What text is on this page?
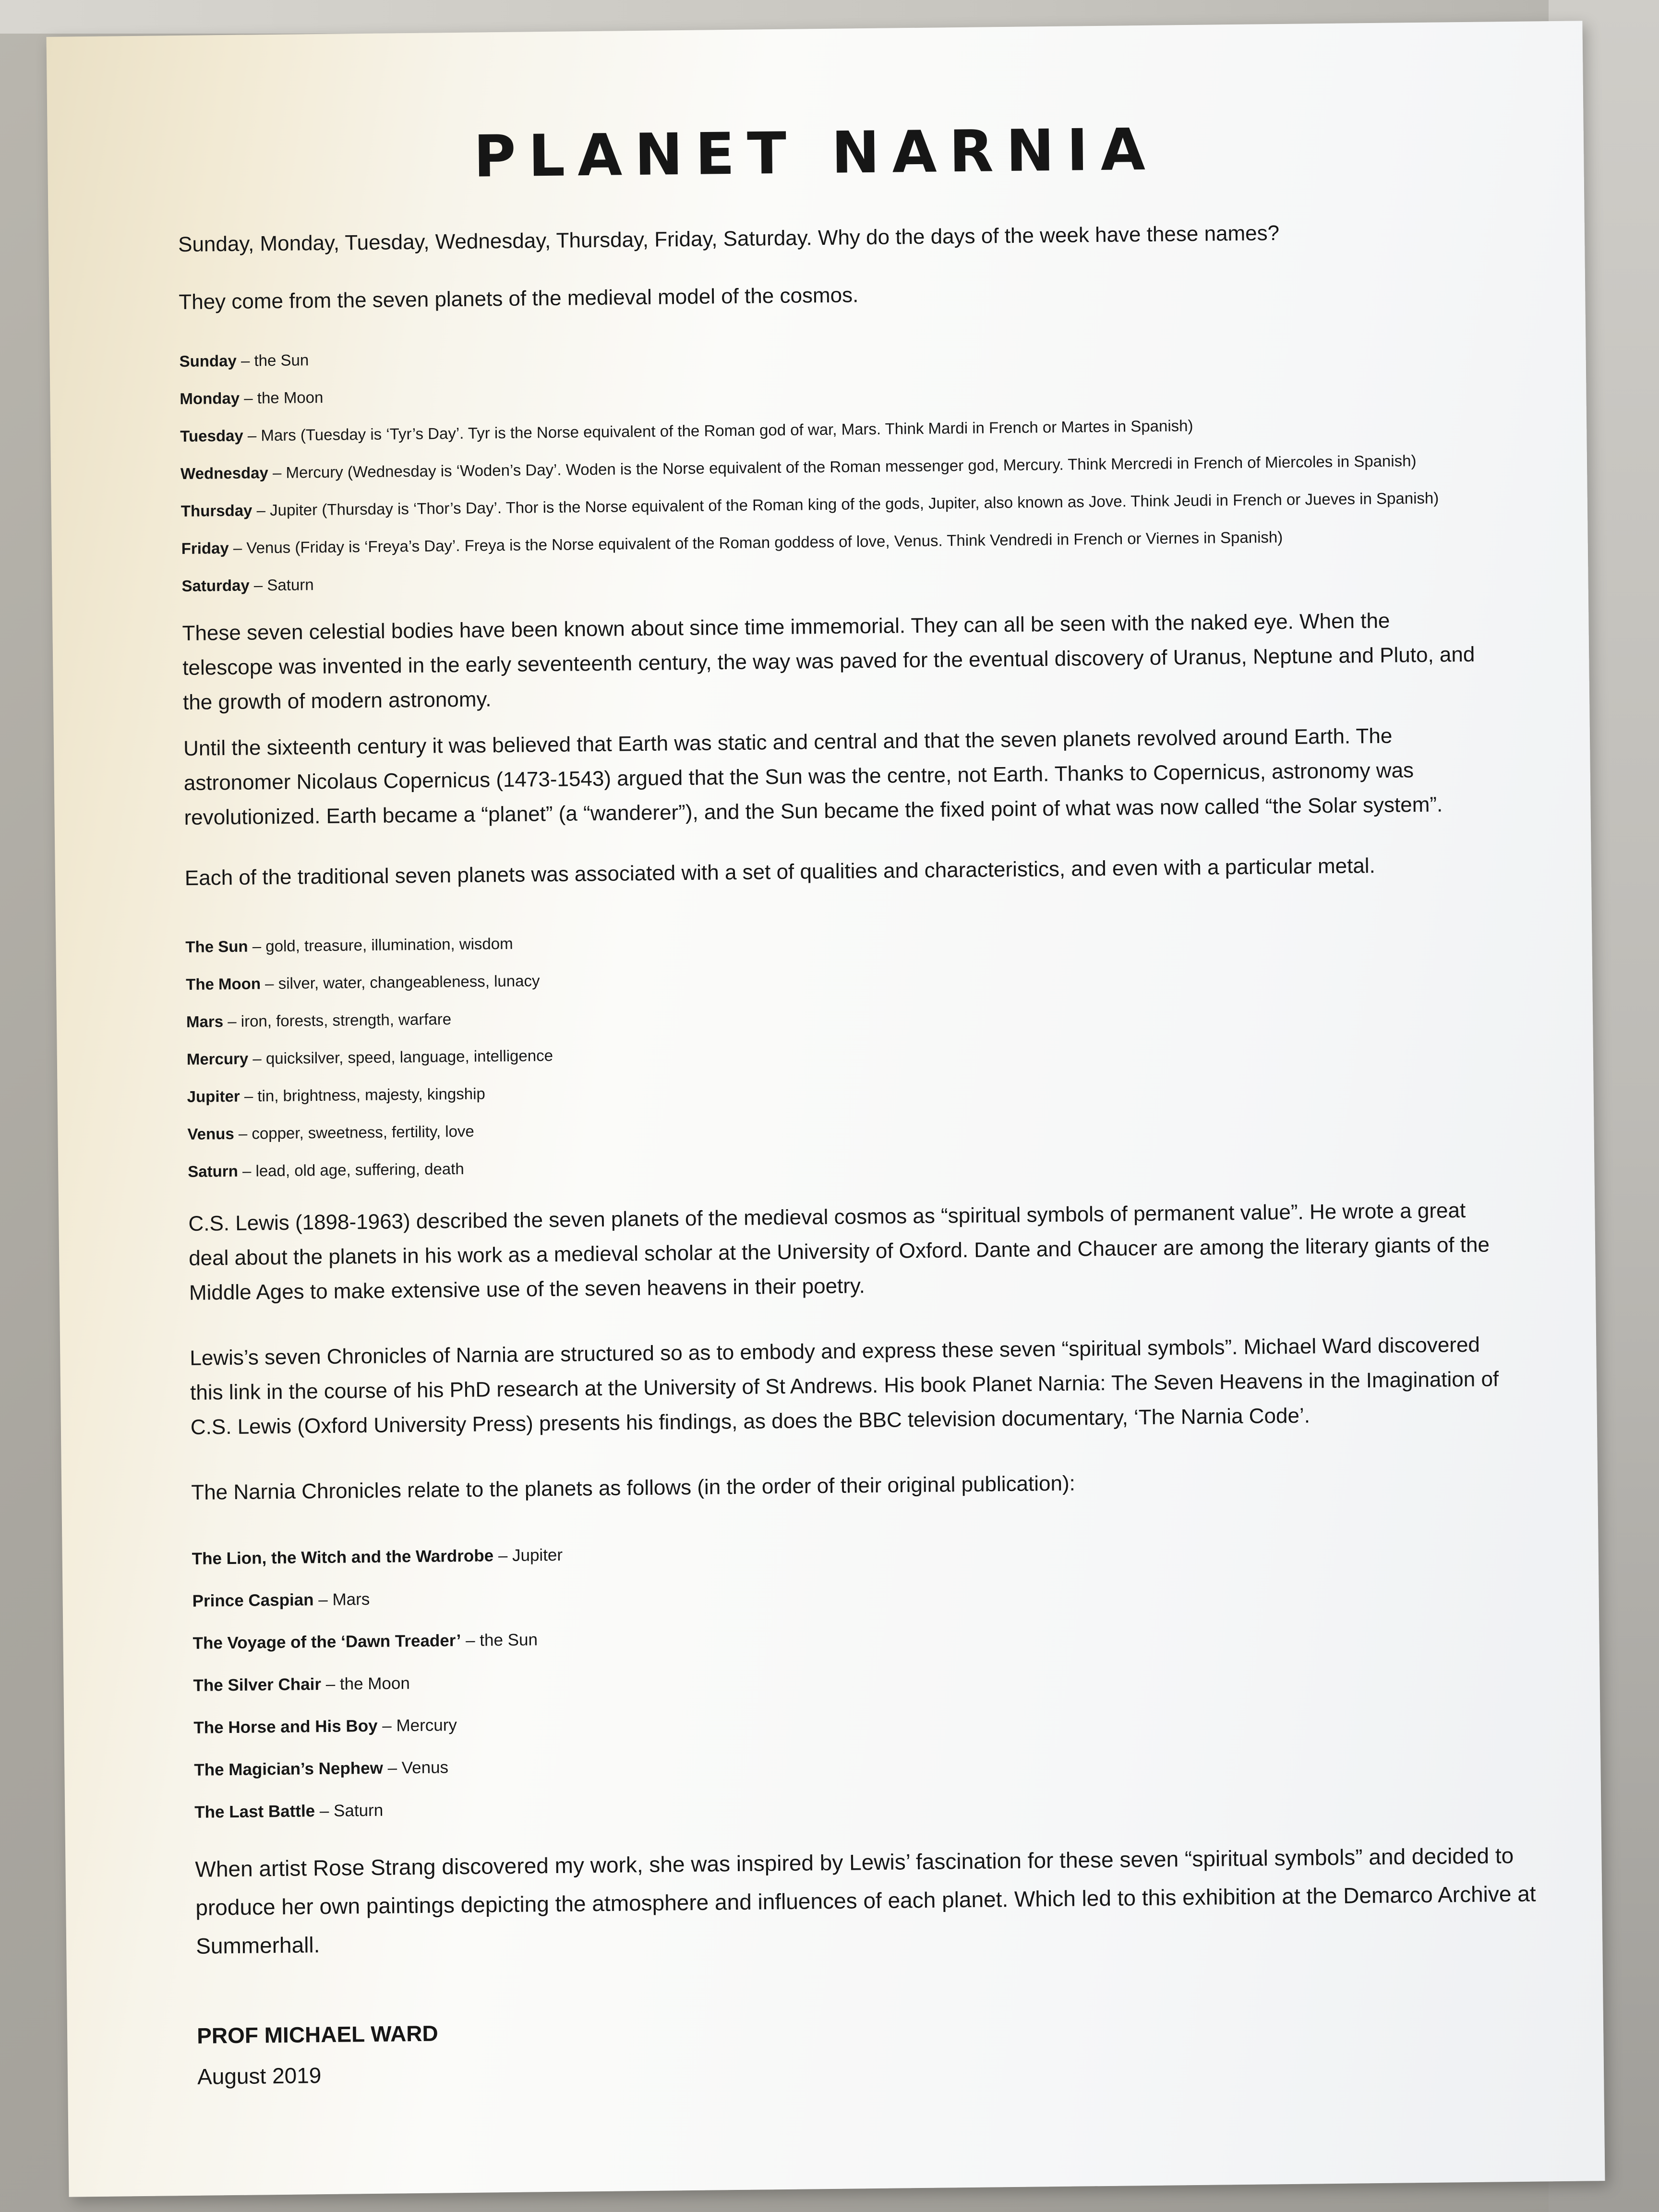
PLANET NARNIA

Sunday, Monday, Tuesday, Wednesday, Thursday, Friday, Saturday. Why do the days of the week have these names?

They come from the seven planets of the medieval model of the cosmos.

Sunday – the Sun
Monday – the Moon
Tuesday – Mars (Tuesday is ‘Tyr’s Day’. Tyr is the Norse equivalent of the Roman god of war, Mars. Think Mardi in French or Martes in Spanish)
Wednesday – Mercury (Wednesday is ‘Woden’s Day’. Woden is the Norse equivalent of the Roman messenger god, Mercury. Think Mercredi in French of Miercoles in Spanish)
Thursday – Jupiter (Thursday is ‘Thor’s Day’. Thor is the Norse equivalent of the Roman king of the gods, Jupiter, also known as Jove. Think Jeudi in French or Jueves in Spanish)
Friday – Venus (Friday is ‘Freya’s Day’. Freya is the Norse equivalent of the Roman goddess of love, Venus. Think Vendredi in French or Viernes in Spanish)
Saturday – Saturn

These seven celestial bodies have been known about since time immemorial. They can all be seen with the naked eye. When the telescope was invented in the early seventeenth century, the way was paved for the eventual discovery of Uranus, Neptune and Pluto, and the growth of modern astronomy.

Until the sixteenth century it was believed that Earth was static and central and that the seven planets revolved around Earth. The astronomer Nicolaus Copernicus (1473-1543) argued that the Sun was the centre, not Earth. Thanks to Copernicus, astronomy was revolutionized. Earth became a “planet” (a “wanderer”), and the Sun became the fixed point of what was now called “the Solar system”.

Each of the traditional seven planets was associated with a set of qualities and characteristics, and even with a particular metal.

The Sun – gold, treasure, illumination, wisdom
The Moon – silver, water, changeableness, lunacy
Mars – iron, forests, strength, warfare
Mercury – quicksilver, speed, language, intelligence
Jupiter – tin, brightness, majesty, kingship
Venus – copper, sweetness, fertility, love
Saturn – lead, old age, suffering, death

C.S. Lewis (1898-1963) described the seven planets of the medieval cosmos as “spiritual symbols of permanent value”. He wrote a great deal about the planets in his work as a medieval scholar at the University of Oxford. Dante and Chaucer are among the literary giants of the Middle Ages to make extensive use of the seven heavens in their poetry.

Lewis’s seven Chronicles of Narnia are structured so as to embody and express these seven “spiritual symbols”. Michael Ward discovered this link in the course of his PhD research at the University of St Andrews. His book Planet Narnia: The Seven Heavens in the Imagination of C.S. Lewis (Oxford University Press) presents his findings, as does the BBC television documentary, ‘The Narnia Code’.

The Narnia Chronicles relate to the planets as follows (in the order of their original publication):

The Lion, the Witch and the Wardrobe – Jupiter
Prince Caspian – Mars
The Voyage of the ‘Dawn Treader’ – the Sun
The Silver Chair – the Moon
The Horse and His Boy – Mercury
The Magician’s Nephew – Venus
The Last Battle – Saturn

When artist Rose Strang discovered my work, she was inspired by Lewis’ fascination for these seven “spiritual symbols” and decided to produce her own paintings depicting the atmosphere and influences of each planet. Which led to this exhibition at the Demarco Archive at Summerhall.

PROF MICHAEL WARD

August 2019
